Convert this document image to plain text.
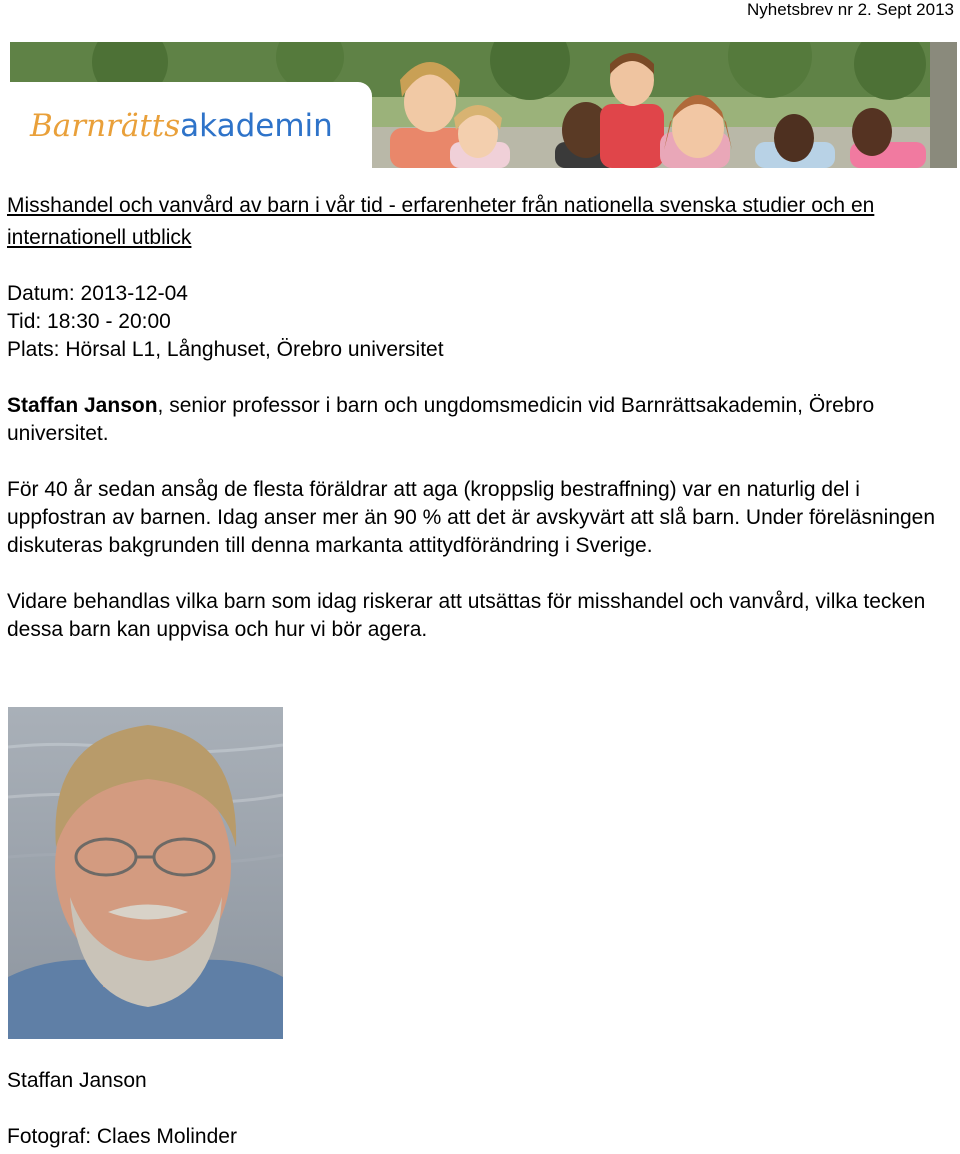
Nyhetsbrev nr 2. Sept 2013
Barnrättsakademin
Misshandel och vanvård av barn i vår tid - erfarenheter från nationella svenska studier och en internationell utblick
Datum: 2013-12-04
Tid: 18:30 - 20:00
Plats: Hörsal L1, Långhuset, Örebro universitet

Staffan Janson, senior professor i barn och ungdomsmedicin vid Barnrättsakademin, Örebro universitet.

För 40 år sedan ansåg de flesta föräldrar att aga (kroppslig bestraffning) var en naturlig del i uppfostran av barnen. Idag anser mer än 90 % att det är avskyvärt att slå barn. Under föreläsningen diskuteras bakgrunden till denna markanta attitydförändring i Sverige.

Vidare behandlas vilka barn som idag riskerar att utsättas för misshandel och vanvård, vilka tecken dessa barn kan uppvisa och hur vi bör agera.

Staffan Janson
Fotograf: Claes Molinder
